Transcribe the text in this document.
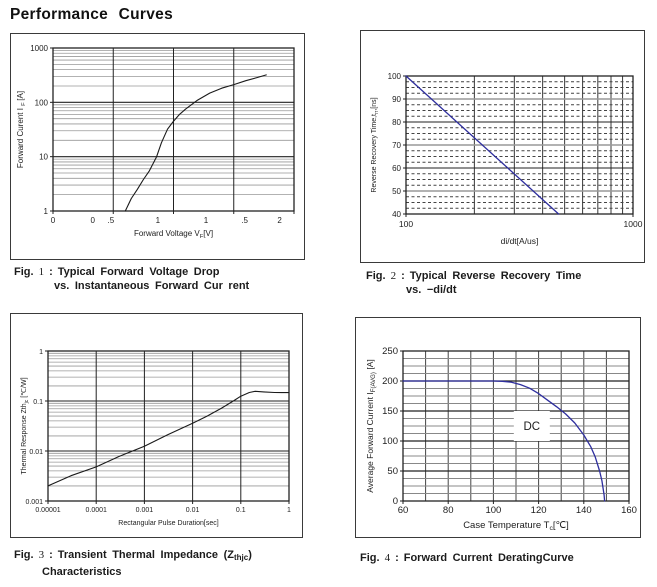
Performance Curves
0	0 .5	1	1	.5	2
1
10
100
1000
Forward Voltage $V_F[V]$
Forward Curent I $_F$ [A]
100	1000
40
50
60
70
80
90
100
di/dt[A/us]
Reverse Recovery $Time,t_{rr},[ns]$
0.00001	0.0001	0.001	0.01	0.1	1
0.001
0.01
0.1
1
Rectangular Pulse Duration[sec]
Thermal Response Zth$_{jc}$ [℃/W]
60	80	100	120	140	160
0
50
100
150
200
250
Case Temperature $T_c[℃]$
Average Forward Current $I_{F(AVG)}$ [A]
DC
Fig. 1 : Typical Forward Voltage Drop
vs. Instantaneous Forward Cur rent
Fig. 2 : Typical Reverse Recovery Time
vs. −di/dt
Fig. 3 : Transient Thermal Impedance $(Z_{thjc})$
Characteristics
Fig. 4 : Forward Current DeratingCurve
